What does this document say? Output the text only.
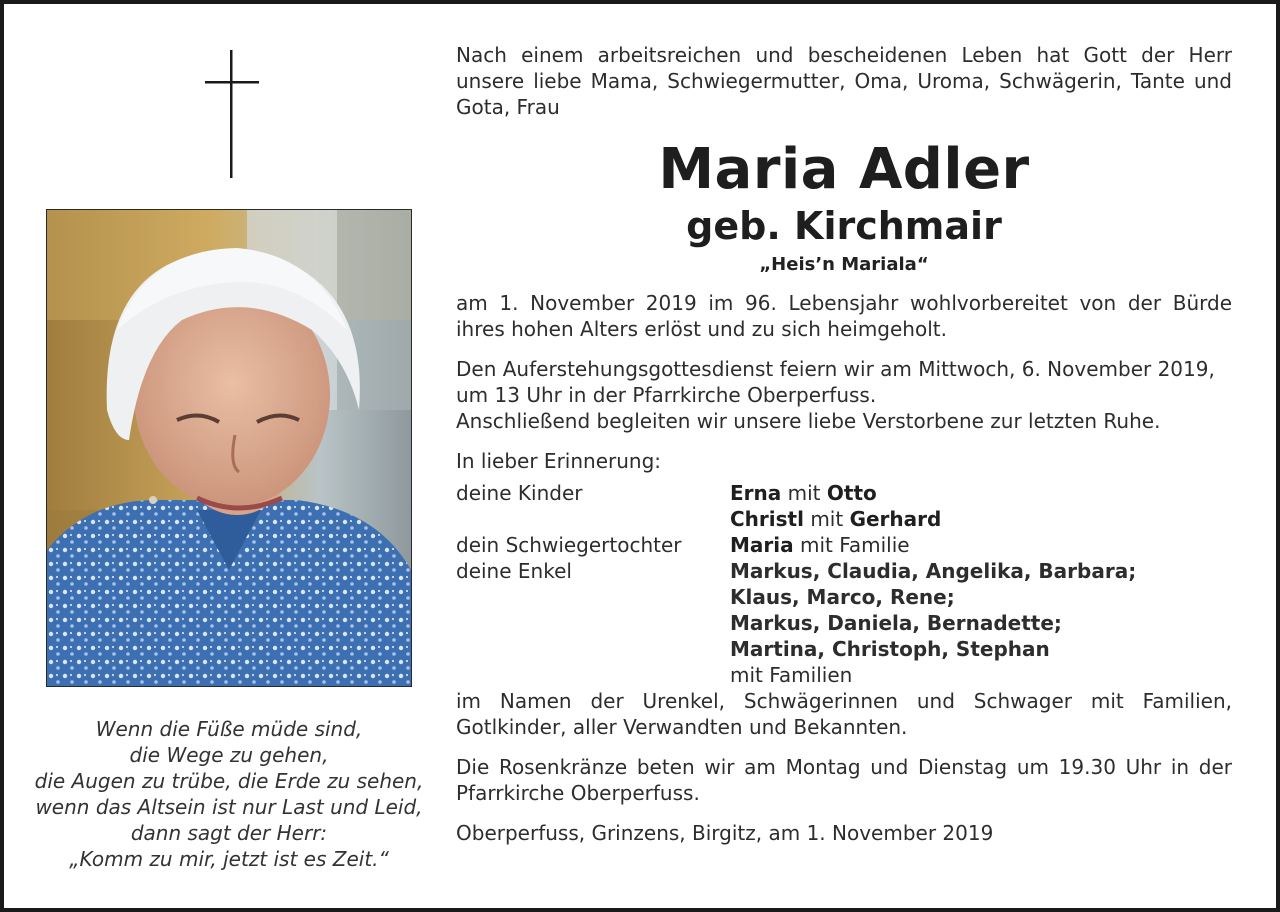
Wenn die Füße müde sind,
die Wege zu gehen,
die Augen zu trübe, die Erde zu sehen,
wenn das Altsein ist nur Last und Leid,
dann sagt der Herr:
„Komm zu mir, jetzt ist es Zeit.“

Nach einem arbeitsreichen und bescheidenen Leben hat Gott der Herr unsere liebe Mama, Schwiegermutter, Oma, Uroma, Schwägerin, Tante und Gota, Frau

Maria Adler
geb. Kirchmair
„Heis’n Mariala“

am 1. November 2019 im 96. Lebensjahr wohlvorbereitet von der Bürde ihres hohen Alters erlöst und zu sich heimgeholt.

Den Auferstehungsgottesdienst feiern wir am Mittwoch, 6. November 2019,
um 13 Uhr in der Pfarrkirche Oberperfuss.
Anschließend begleiten wir unsere liebe Verstorbene zur letzten Ruhe.

In lieber Erinnerung:

deine Kinder	Erna mit Otto
Christl mit Gerhard
dein Schwiegertochter	Maria mit Familie
deine Enkel	Markus, Claudia, Angelika, Barbara;
Klaus, Marco, Rene;
Markus, Daniela, Bernadette;
Martina, Christoph, Stephan
mit Familien

im Namen der Urenkel, Schwägerinnen und Schwager mit Familien, Gotlkinder, aller Verwandten und Bekannten.

Die Rosenkränze beten wir am Montag und Dienstag um 19.30 Uhr in der Pfarrkirche Oberperfuss.

Oberperfuss, Grinzens, Birgitz, am 1. November 2019
